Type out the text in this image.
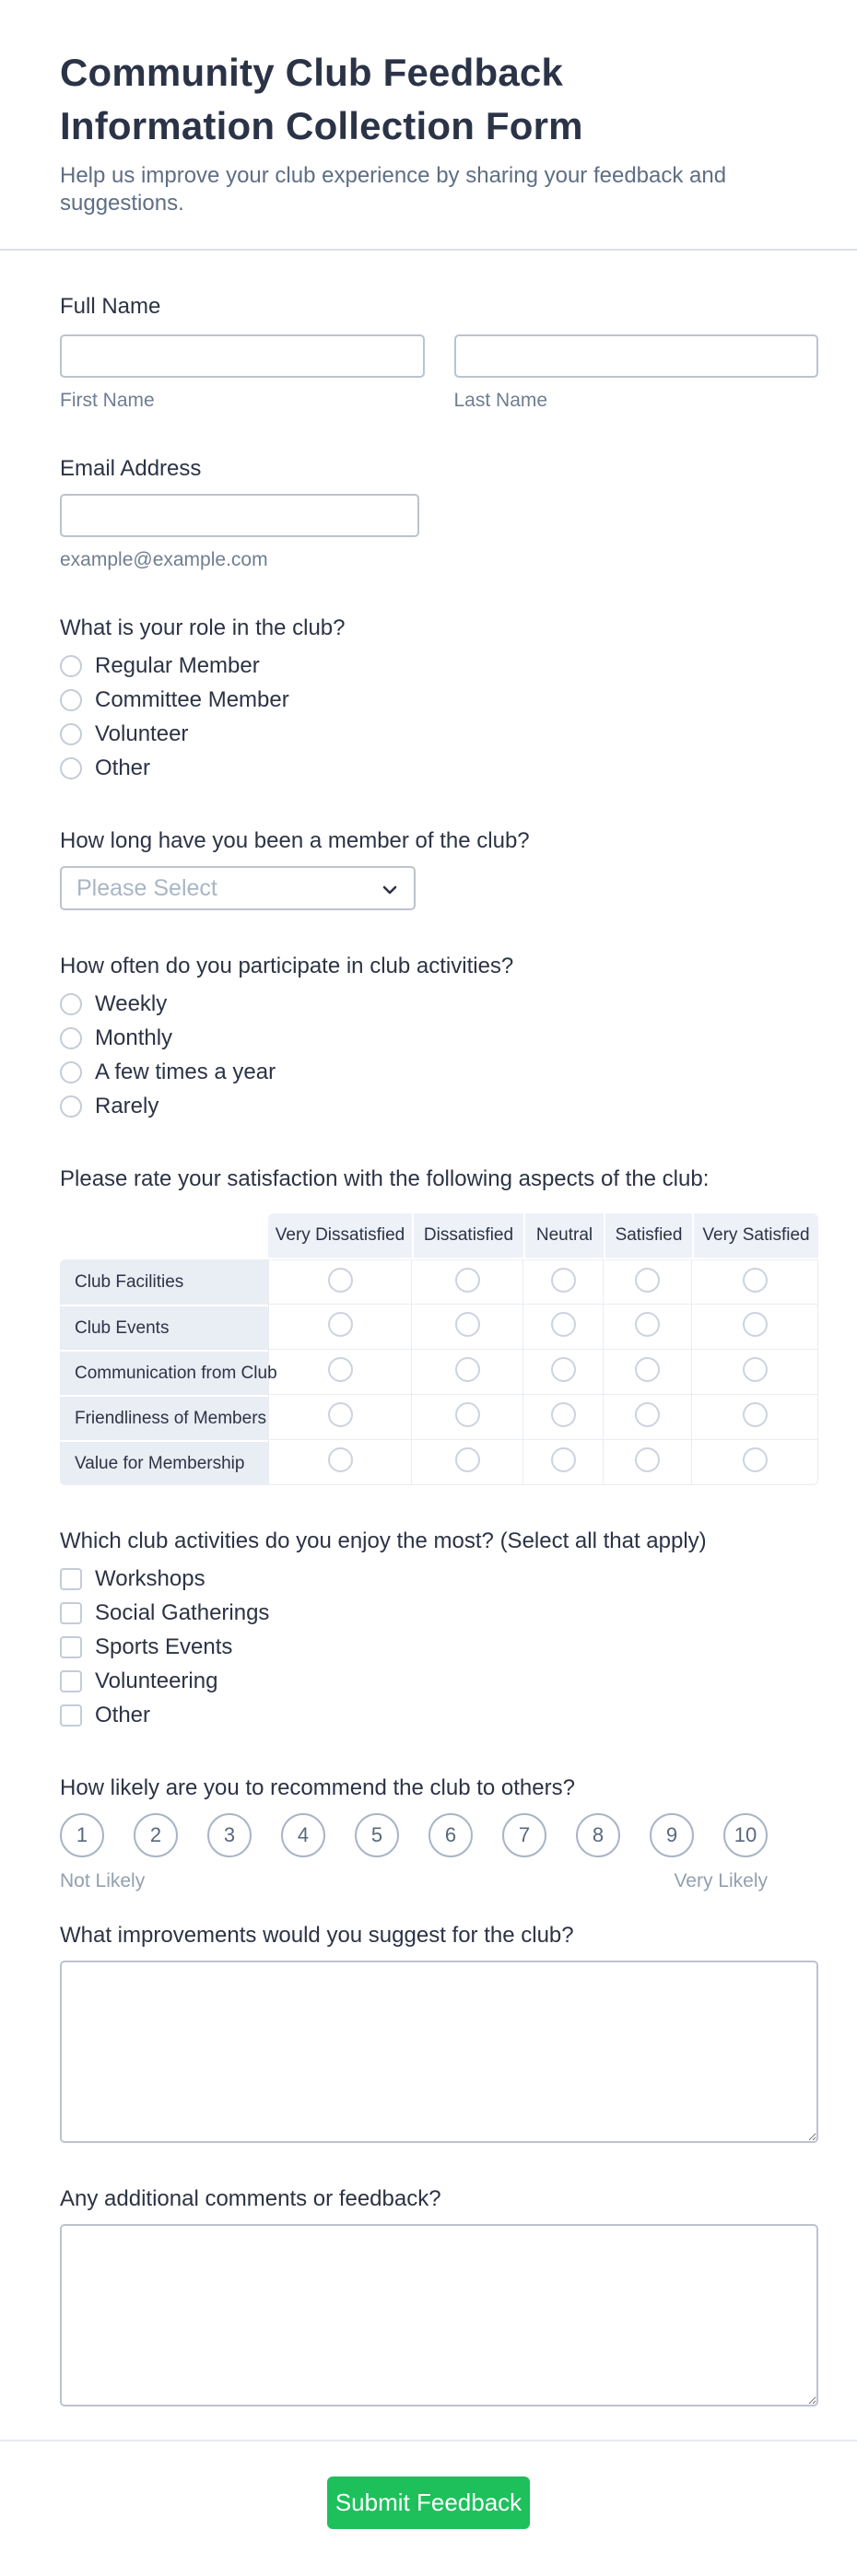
Community Club Feedback Information Collection Form
Help us improve your club experience by sharing your feedback and suggestions.
Full Name
First Name	Last Name
Email Address
example@example.com
What is your role in the club?
Regular Member
Committee Member
Volunteer
Other
How long have you been a member of the club?
Please Select
How often do you participate in club activities?
Weekly
Monthly
A few times a year
Rarely
Please rate your satisfaction with the following aspects of the club:
	Very Dissatisfied	Dissatisfied	Neutral	Satisfied	Very Satisfied
Club Facilities					
Club Events					
Communication from Club					
Friendliness of Members					
Value for Membership					
Which club activities do you enjoy the most? (Select all that apply)
Workshops
Social Gatherings
Sports Events
Volunteering
Other
How likely are you to recommend the club to others?
1	2	3	4	5	6	7	8	9	10
Not Likely	Very Likely
What improvements would you suggest for the club?
Any additional comments or feedback?
Submit Feedback
